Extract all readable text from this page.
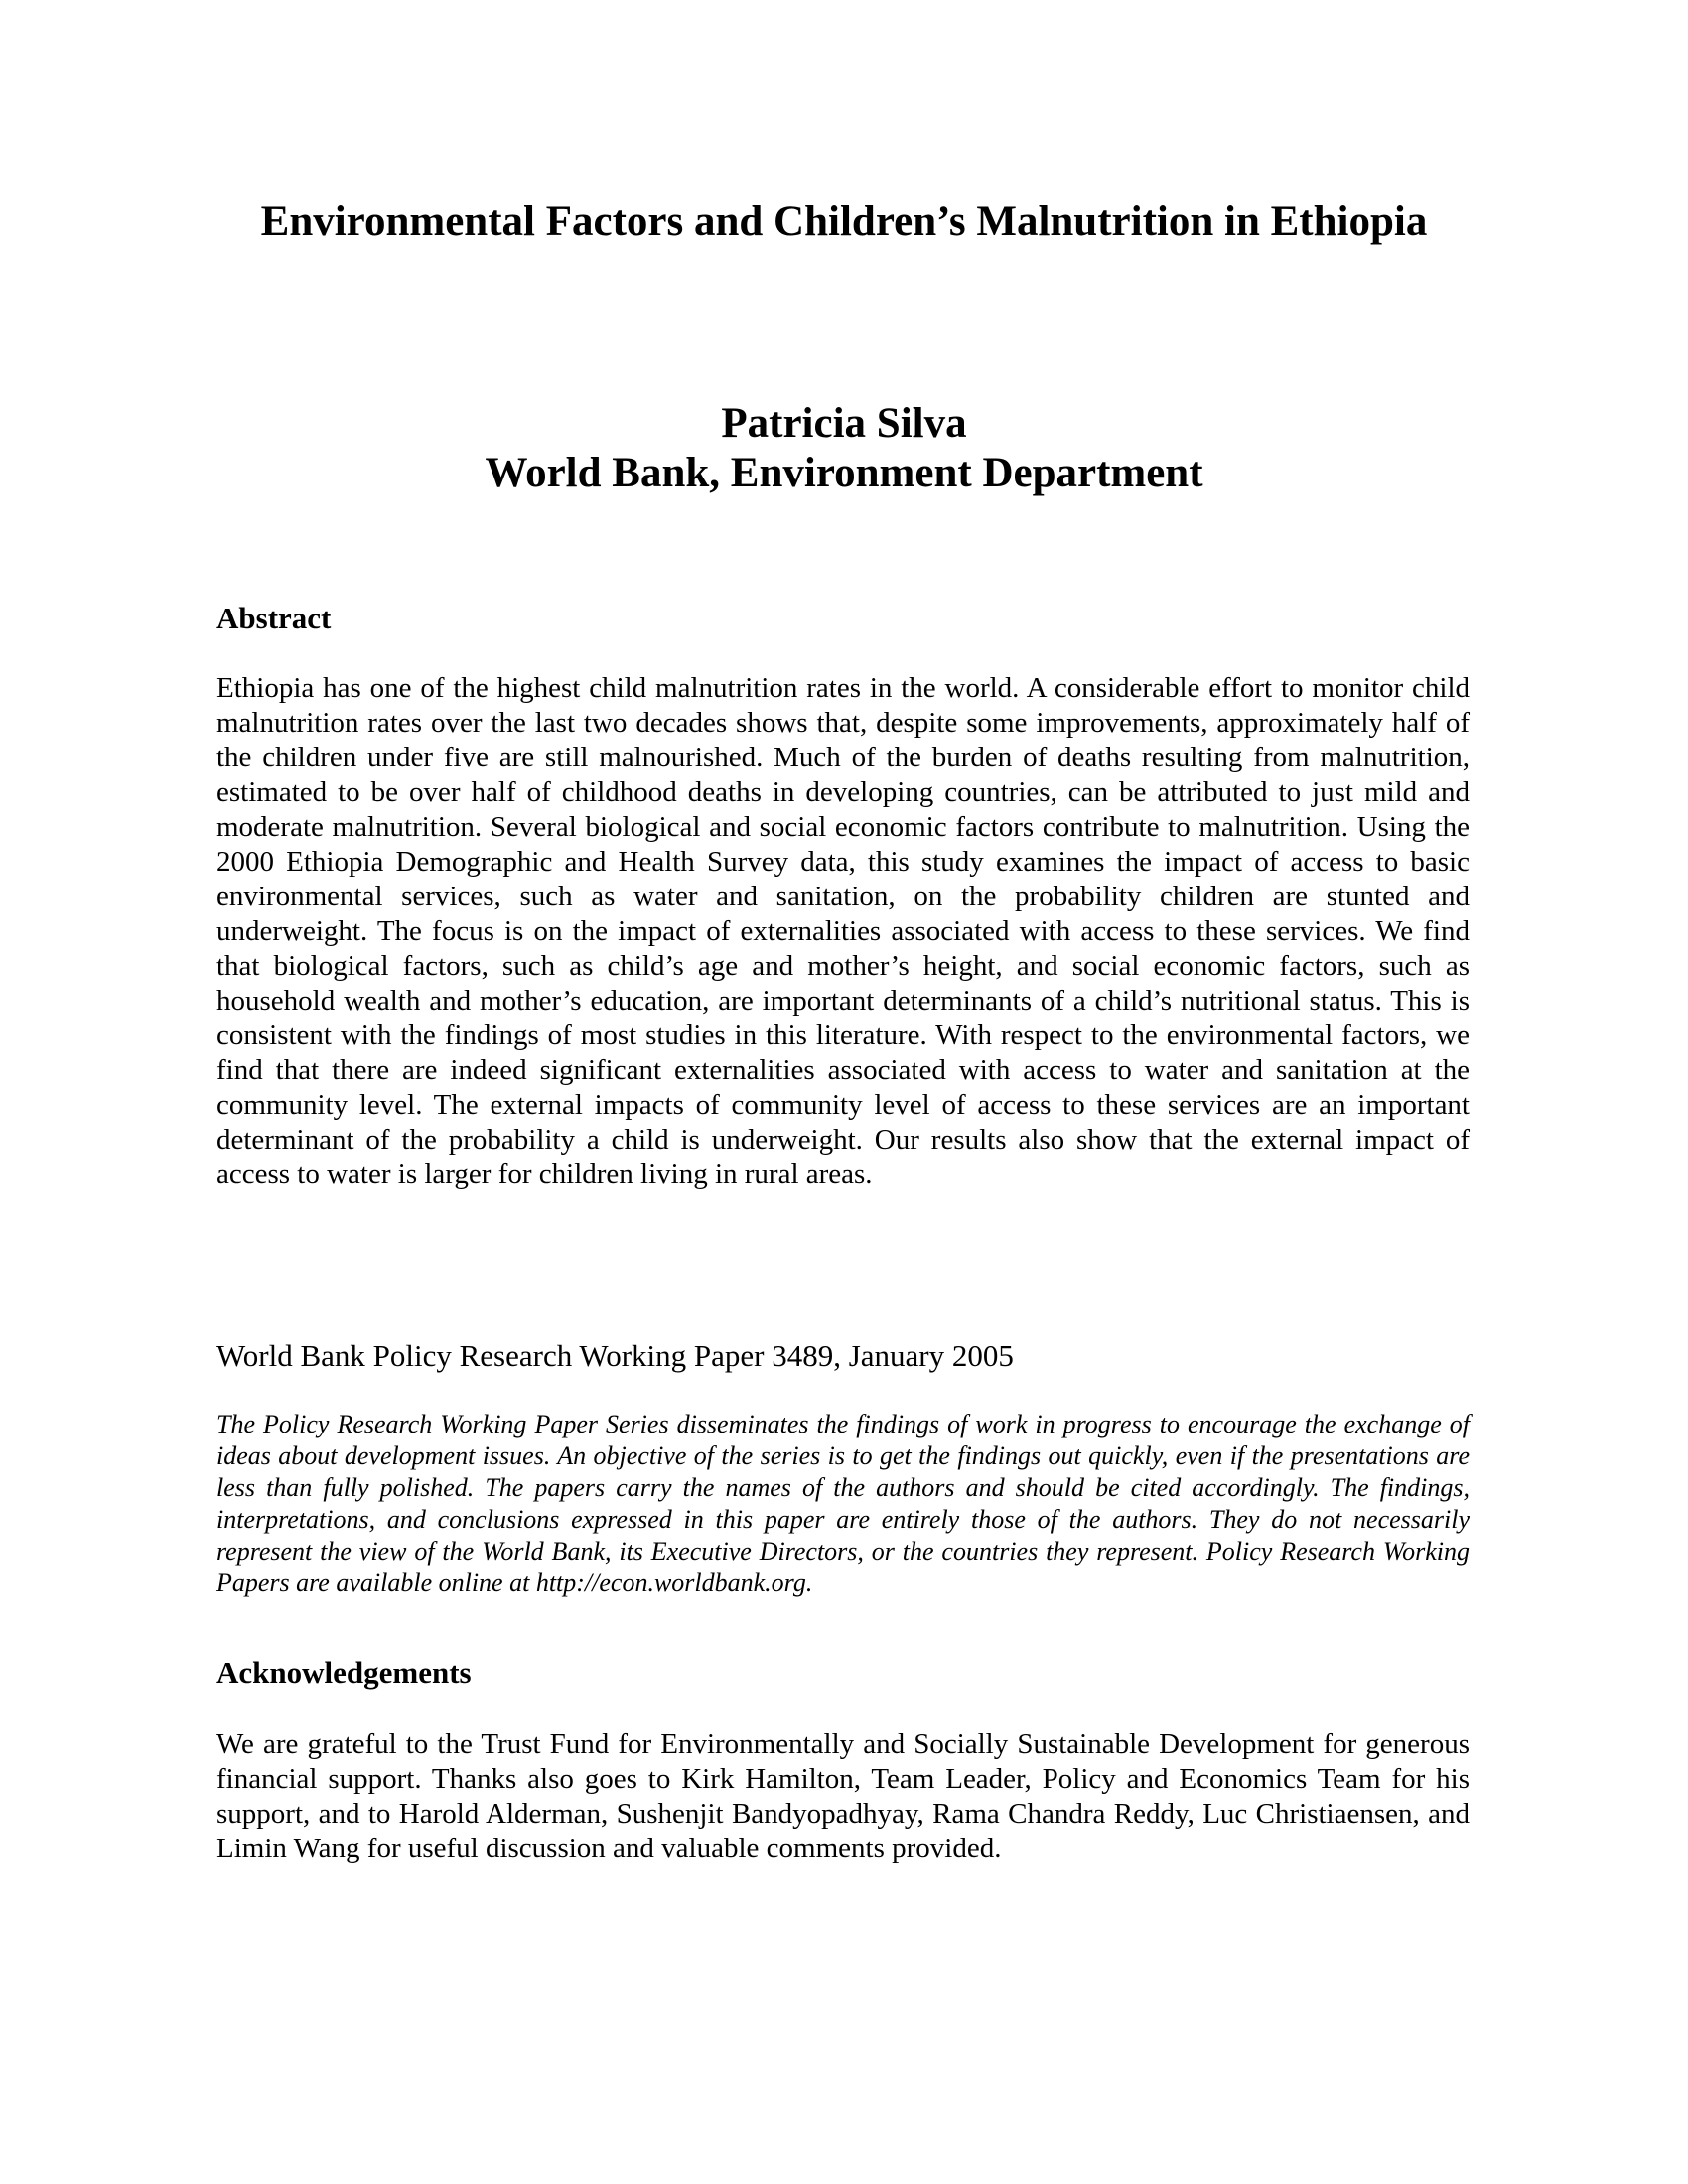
Environmental Factors and Children’s Malnutrition in Ethiopia
Patricia Silva
World Bank, Environment Department
Abstract

Ethiopia has one of the highest child malnutrition rates in the world. A considerable effort to monitor child malnutrition rates over the last two decades shows that, despite some improvements, approximately half of the children under five are still malnourished. Much of the burden of deaths resulting from malnutrition, estimated to be over half of childhood deaths in developing countries, can be attributed to just mild and moderate malnutrition. Several biological and social economic factors contribute to malnutrition. Using the 2000 Ethiopia Demographic and Health Survey data, this study examines the impact of access to basic environmental services, such as water and sanitation, on the probability children are stunted and underweight. The focus is on the impact of externalities associated with access to these services. We find that biological factors, such as child’s age and mother’s height, and social economic factors, such as household wealth and mother’s education, are important determinants of a child’s nutritional status. This is consistent with the findings of most studies in this literature. With respect to the environmental factors, we find that there are indeed significant externalities associated with access to water and sanitation at the community level. The external impacts of community level of access to these services are an important determinant of the probability a child is underweight. Our results also show that the external impact of access to water is larger for children living in rural areas.

World Bank Policy Research Working Paper 3489, January 2005

The Policy Research Working Paper Series disseminates the findings of work in progress to encourage the exchange of ideas about development issues. An objective of the series is to get the findings out quickly, even if the presentations are less than fully polished. The papers carry the names of the authors and should be cited accordingly. The findings, interpretations, and conclusions expressed in this paper are entirely those of the authors. They do not necessarily represent the view of the World Bank, its Executive Directors, or the countries they represent. Policy Research Working Papers are available online at http://econ.worldbank.org.

Acknowledgements

We are grateful to the Trust Fund for Environmentally and Socially Sustainable Development for generous financial support. Thanks also goes to Kirk Hamilton, Team Leader, Policy and Economics Team for his support, and to Harold Alderman, Sushenjit Bandyopadhyay, Rama Chandra Reddy, Luc Christiaensen, and Limin Wang for useful discussion and valuable comments provided.
